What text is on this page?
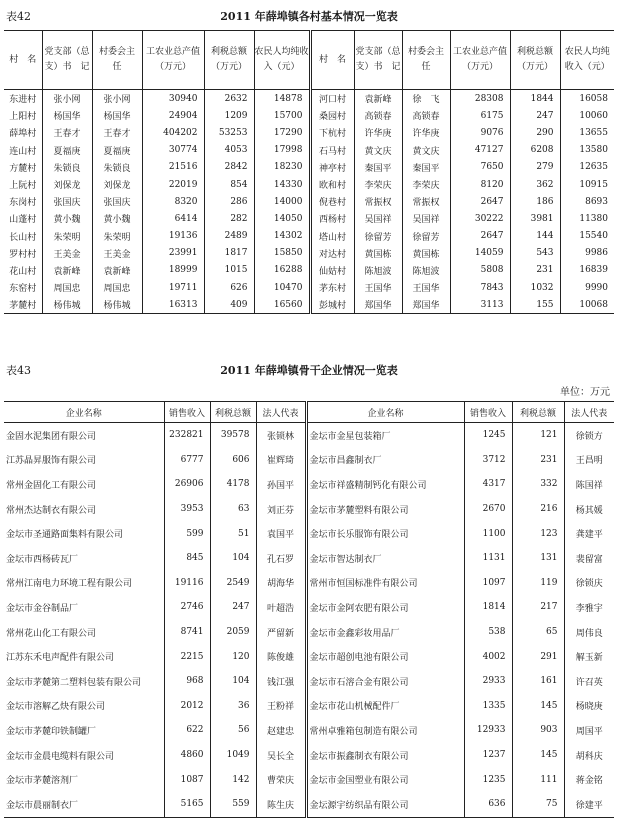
表42	2011 年薛埠镇各村基本情况一览表
村　名	党支部（总支）书　记	村委会主　任	工农业总产值（万元）	利税总额（万元）	农民人均纯收入（元）	村　名	党支部（总支）书　记	村委会主　任	工农业总产值（万元）	利税总额（万元）	农民人均纯收入（元）
东进村	张小网	张小网	30940	2632	14878	河口村	袁新峰	徐　飞	28308	1844	16058
上阳村	杨国华	杨国华	24904	1209	15700	桑园村	高锁春	高锁春	6175	247	10060
薛埠村	王春才	王春才	404202	53253	17290	下杭村	许华庚	许华庚	9076	290	13655
连山村	夏福庚	夏福庚	30774	4053	17998	石马村	黄文庆	黄文庆	47127	6208	13580
方麓村	朱锁良	朱锁良	21516	2842	18230	神亭村	秦国平	秦国平	7650	279	12635
上阮村	刘保龙	刘保龙	22019	854	14330	欧和村	李荣庆	李荣庆	8120	362	10915
东岗村	张国庆	张国庆	8320	286	14000	倪巷村	常振权	常振权	2647	186	8693
山蓬村	黄小魏	黄小魏	6414	282	14050	西杨村	吴国祥	吴国祥	30222	3981	11380
长山村	朱荣明	朱荣明	19136	2489	14302	塔山村	徐留芳	徐留芳	2647	144	15540
罗村村	王美金	王美金	23991	1817	15850	对达村	黄国栋	黄国栋	14059	543	9986
花山村	袁新峰	袁新峰	18999	1015	16288	仙姑村	陈旭波	陈旭波	5808	231	16839
东窑村	周国忠	周国忠	19711	626	10470	茅东村	王国华	王国华	7843	1032	9990
茅麓村	杨伟城	杨伟城	16313	409	16560	彭城村	郑国华	郑国华	3113	155	10068
表43	2011 年薛埠镇骨干企业情况一览表
单位：万元
企业名称	销售收入	利税总额	法人代表	企业名称	销售收入	利税总额	法人代表
金固水泥集团有限公司	232821	39578	张锁林	金坛市金星包装箱厂	1245	121	徐锁方
江苏晶昇服饰有限公司	6777	606	崔辉琦	金坛市昌鑫制衣厂	3712	231	王昌明
常州金固化工有限公司	26906	4178	孙国平	金坛市祥盛精制钙化有限公司	4317	332	陈国祥
常州杰达制衣有限公司	3953	63	刘正芬	金坛市茅麓塑料有限公司	2670	216	杨其媛
金坛市圣通路面集料有限公司	599	51	袁国平	金坛市长乐服饰有限公司	1100	123	龚建平
金坛市西杨砖瓦厂	845	104	孔石罗	金坛市智达制衣厂	1131	131	裴留富
常州江南电力环境工程有限公司	19116	2549	胡海华	常州市恒国标准件有限公司	1097	119	徐锁庆
金坛市金谷制品厂	2746	247	叶超浩	金坛市金阿农肥有限公司	1814	217	李雅宇
常州花山化工有限公司	8741	2059	严留新	金坛市金鑫彩妆用品厂	538	65	周伟良
江苏东禾电声配件有限公司	2215	120	陈俊雄	金坛市超创电池有限公司	4002	291	解玉新
金坛市茅麓第二塑料包装有限公司	968	104	钱江强	金坛市石溶合金有限公司	2933	161	许召英
金坛市溶解乙炔有限公司	2012	36	王粉祥	金坛市花山机械配件厂	1335	145	杨晓庚
金坛市茅麓印铁制罐厂	622	56	赵建忠	常州卓雅箱包制造有限公司	12933	903	周国平
金坛市金晨电缆料有限公司	4860	1049	吴长全	金坛市振鑫制衣有限公司	1237	145	胡科庆
金坛市茅麓溶剂厂	1087	142	曹荣庆	金坛市金国塑业有限公司	1235	111	蒋金铭
金坛市晨丽制衣厂	5165	559	陈生庆	金坛源宇纺织品有限公司	636	75	徐建平
